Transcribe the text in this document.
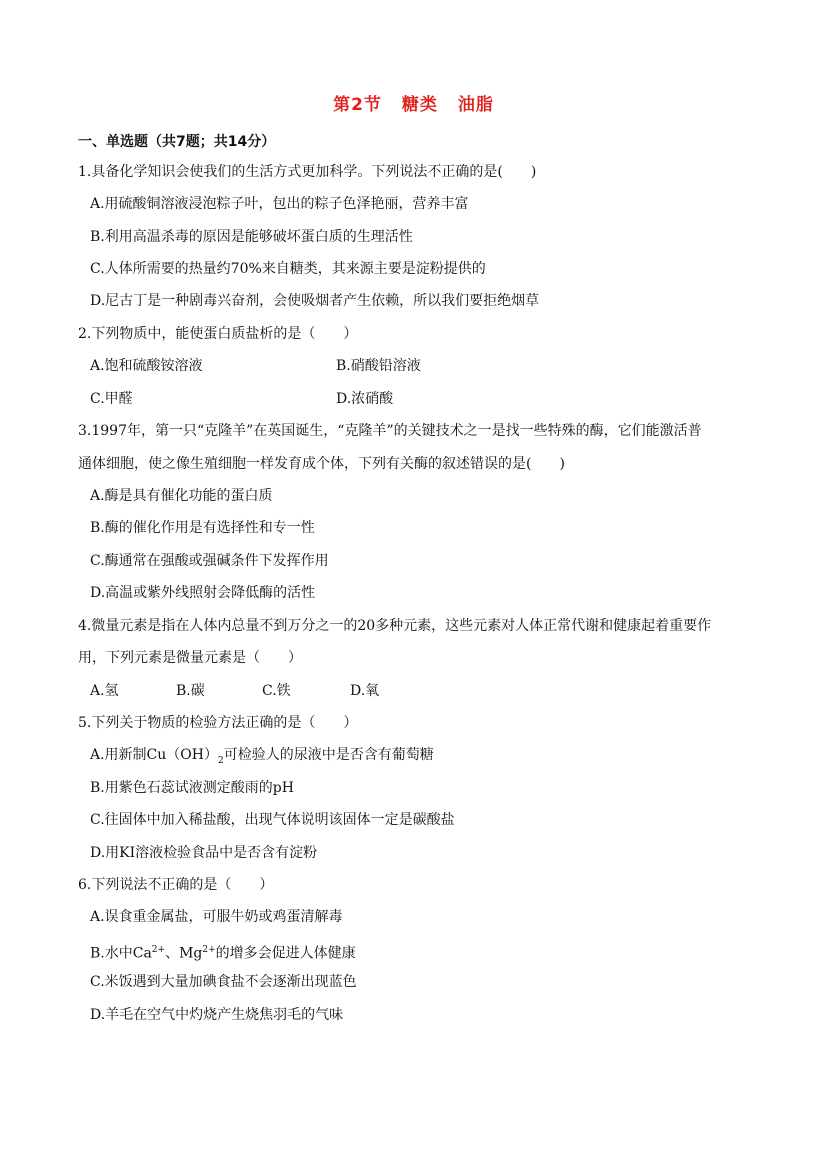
第2节 糖类 油脂
一、单选题（共7题；共14分）
1.具备化学知识会使我们的生活方式更加科学。下列说法不正确的是(　　)
A.用硫酸铜溶液浸泡粽子叶，包出的粽子色泽艳丽，营养丰富
B.利用高温杀毒的原因是能够破坏蛋白质的生理活性
C.人体所需要的热量约70%来自糖类，其来源主要是淀粉提供的
D.尼古丁是一种剧毒兴奋剂，会使吸烟者产生依赖，所以我们要拒绝烟草
2.下列物质中，能使蛋白质盐析的是（　　）
A.饱和硫酸铵溶液	B.硝酸铅溶液
C.甲醛	D.浓硝酸
3.1997年，第一只“克隆羊”在英国诞生，“克隆羊”的关键技术之一是找一些特殊的酶，它们能激活普
通体细胞，使之像生殖细胞一样发育成个体，下列有关酶的叙述错误的是(　　)
A.酶是具有催化功能的蛋白质
B.酶的催化作用是有选择性和专一性
C.酶通常在强酸或强碱条件下发挥作用
D.高温或紫外线照射会降低酶的活性
4.微量元素是指在人体内总量不到万分之一的20多种元素，这些元素对人体正常代谢和健康起着重要作
用，下列元素是微量元素是（　　）
A.氢	B.碳	C.铁	D.氧
5.下列关于物质的检验方法正确的是（　　）
A.用新制$Cu(OH)_2$可检验人的尿液中是否含有葡萄糖
B.用紫色石蕊试液测定酸雨的pH
C.往固体中加入稀盐酸，出现气体说明该固体一定是碳酸盐
D.用KI溶液检验食品中是否含有淀粉
6.下列说法不正确的是（　　）
A.误食重金属盐，可服牛奶或鸡蛋清解毒
B.水中$Ca^{2+}$、$Mg^{2+}$的增多会促进人体健康
C.米饭遇到大量加碘食盐不会逐渐出现蓝色
D.羊毛在空气中灼烧产生烧焦羽毛的气味
